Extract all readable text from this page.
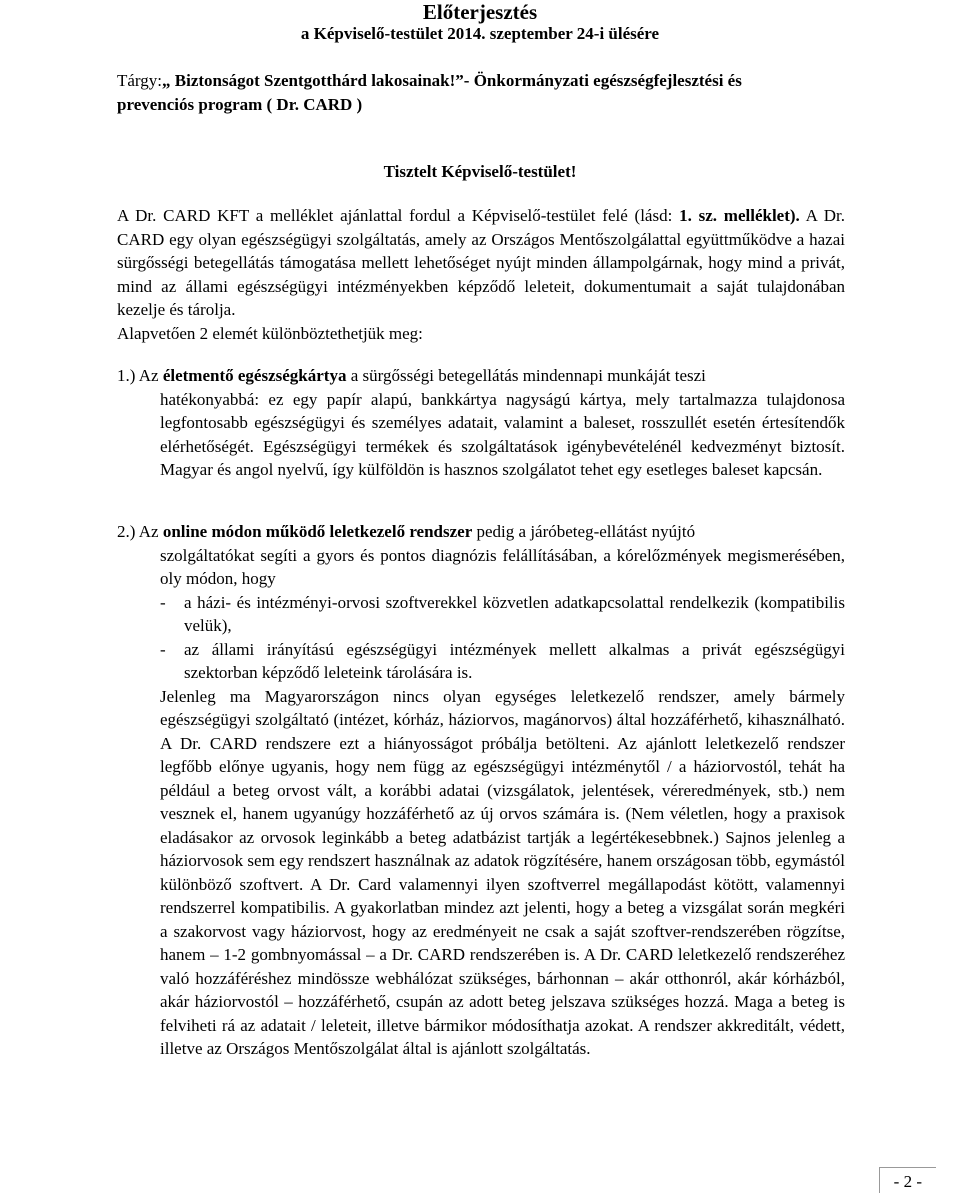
Előterjesztés
a Képviselő-testület 2014. szeptember 24-i ülésére
Tárgy:„ Biztonságot Szentgotthárd lakosainak!”- Önkormányzati egészségfejlesztési és
prevenciós program ( Dr. CARD )
Tisztelt Képviselő-testület!

A Dr. CARD KFT a melléklet ajánlattal fordul a Képviselő-testület felé (lásd: 1. sz. melléklet). A Dr. CARD egy olyan egészségügyi szolgáltatás, amely az Országos Mentőszolgálattal együttműködve a hazai sürgősségi betegellátás támogatása mellett lehetőséget nyújt minden állampolgárnak, hogy mind a privát, mind az állami egészségügyi intézményekben képződő leleteit, dokumentumait a saját tulajdonában kezelje és tárolja.

Alapvetően 2 elemét különböztethetjük meg:

1.) Az életmentő egészségkártya a sürgősségi betegellátás mindennapi munkáját teszi

hatékonyabbá: ez egy papír alapú, bankkártya nagyságú kártya, mely tartalmazza tulajdonosa legfontosabb egészségügyi és személyes adatait, valamint a baleset, rosszullét esetén értesítendők elérhetőségét. Egészségügyi termékek és szolgáltatások igénybevételénél kedvezményt biztosít. Magyar és angol nyelvű, így külföldön is hasznos szolgálatot tehet egy esetleges baleset kapcsán.

2.) Az online módon működő leletkezelő rendszer pedig a járóbeteg-ellátást nyújtó

szolgáltatókat segíti a gyors és pontos diagnózis felállításában, a kórelőzmények megismerésében, oly módon, hogy

-	a házi- és intézményi-orvosi szoftverekkel közvetlen adatkapcsolattal rendelkezik (kompatibilis velük),
-	az állami irányítású egészségügyi intézmények mellett alkalmas a privát egészségügyi szektorban képződő leleteink tárolására is.

Jelenleg ma Magyarországon nincs olyan egységes leletkezelő rendszer, amely bármely egészségügyi szolgáltató (intézet, kórház, háziorvos, magánorvos) által hozzáférhető, kihasználható. A Dr. CARD rendszere ezt a hiányosságot próbálja betölteni. Az ajánlott leletkezelő rendszer legfőbb előnye ugyanis, hogy nem függ az egészségügyi intézménytől / a háziorvostól, tehát ha például a beteg orvost vált, a korábbi adatai (vizsgálatok, jelentések, véreredmények, stb.) nem vesznek el, hanem ugyanúgy hozzáférhető az új orvos számára is. (Nem véletlen, hogy a praxisok eladásakor az orvosok leginkább a beteg adatbázist tartják a legértékesebbnek.) Sajnos jelenleg a háziorvosok sem egy rendszert használnak az adatok rögzítésére, hanem országosan több, egymástól különböző szoftvert. A Dr. Card valamennyi ilyen szoftverrel megállapodást kötött, valamennyi rendszerrel kompatibilis. A gyakorlatban mindez azt jelenti, hogy a beteg a vizsgálat során megkéri a szakorvost vagy háziorvost, hogy az eredményeit ne csak a saját szoftver-rendszerében rögzítse, hanem – 1-2 gombnyomással – a Dr. CARD rendszerében is. A Dr. CARD leletkezelő rendszeréhez való hozzáféréshez mindössze webhálózat szükséges, bárhonnan – akár otthonról, akár kórházból, akár háziorvostól – hozzáférhető, csupán az adott beteg jelszava szükséges hozzá. Maga a beteg is felviheti rá az adatait / leleteit, illetve bármikor módosíthatja azokat. A rendszer akkreditált, védett, illetve az Országos Mentőszolgálat által is ajánlott szolgáltatás.

- 2 -
